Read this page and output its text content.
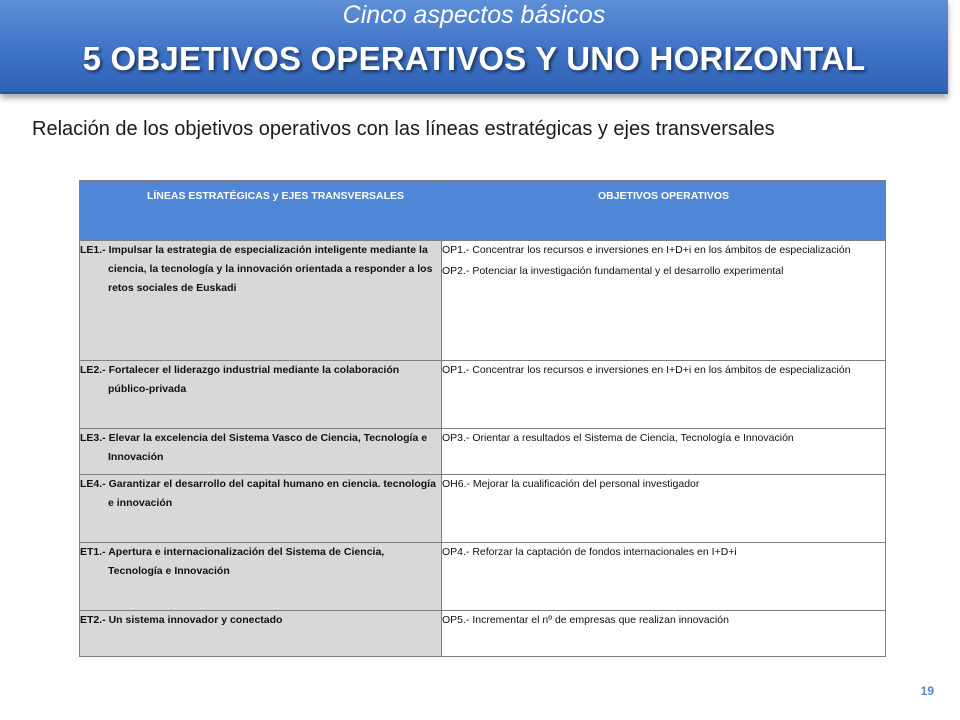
Cinco aspectos básicos
5 OBJETIVOS OPERATIVOS Y UNO HORIZONTAL
Relación de los objetivos operativos con las líneas estratégicas y ejes transversales
LÍNEAS ESTRATÉGICAS y EJES TRANSVERSALES	OBJETIVOS OPERATIVOS

LE1.- Impulsar la estrategia de especialización inteligente mediante la ciencia, la tecnología y la innovación orientada a responder a los retos sociales de Euskadi	OP1.- Concentrar los recursos e inversiones en I+D+i en los ámbitos de especialización
OP2.- Potenciar la investigación fundamental y el desarrollo experimental

LE2.- Fortalecer el liderazgo industrial mediante la colaboración público-privada	OP1.- Concentrar los recursos e inversiones en I+D+i en los ámbitos de especialización

LE3.- Elevar la excelencia del Sistema Vasco de Ciencia, Tecnología e Innovación	OP3.- Orientar a resultados el Sistema de Ciencia, Tecnología e Innovación

LE4.- Garantizar el desarrollo del capital humano en ciencia. tecnología e innovación	OH6.- Mejorar la cualificación del personal investigador

ET1.- Apertura e internacionalización del Sistema de Ciencia, Tecnología e Innovación	OP4.- Reforzar la captación de fondos internacionales en I+D+i

ET2.- Un sistema innovador y conectado	OP5.- Incrementar el nº de empresas que realizan innovación
19
